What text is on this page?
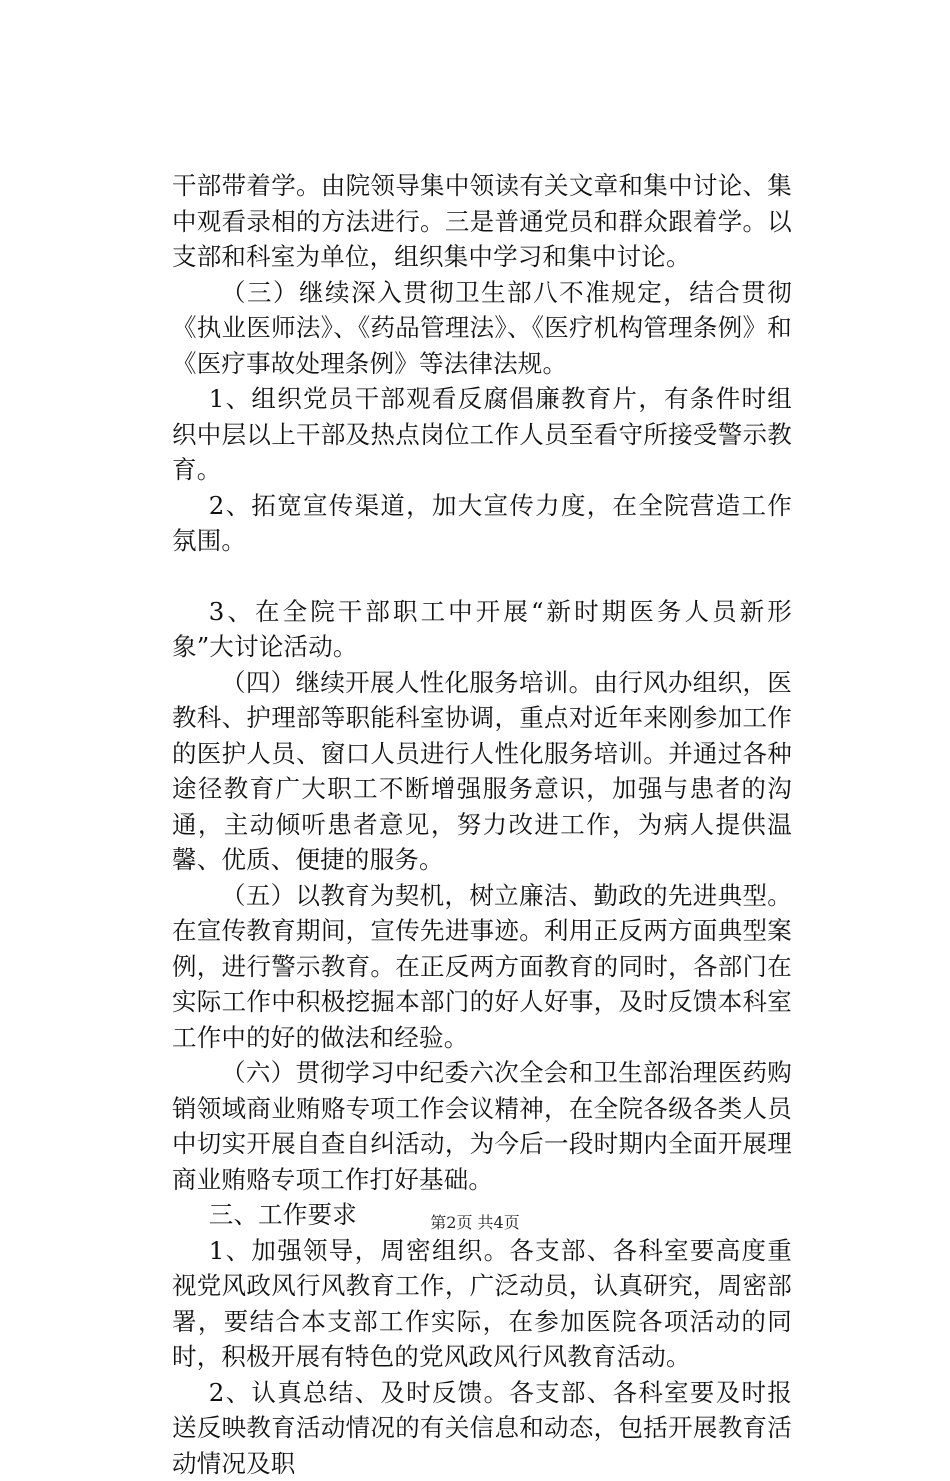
干部带着学。由院领导集中领读有关文章和集中讨论、集中观看录相的方法进行。三是普通党员和群众跟着学。以支部和科室为单位，组织集中学习和集中讨论。

（三）继续深入贯彻卫生部八不准规定，结合贯彻《执业医师法》、《药品管理法》、《医疗机构管理条例》和《医疗事故处理条例》等法律法规。

1、组织党员干部观看反腐倡廉教育片，有条件时组织中层以上干部及热点岗位工作人员至看守所接受警示教育。

2、拓宽宣传渠道，加大宣传力度，在全院营造工作氛围。

3、在全院干部职工中开展“新时期医务人员新形象”大讨论活动。

（四）继续开展人性化服务培训。由行风办组织，医教科、护理部等职能科室协调，重点对近年来刚参加工作的医护人员、窗口人员进行人性化服务培训。并通过各种途径教育广大职工不断增强服务意识，加强与患者的沟通，主动倾听患者意见，努力改进工作，为病人提供温馨、优质、便捷的服务。

（五）以教育为契机，树立廉洁、勤政的先进典型。在宣传教育期间，宣传先进事迹。利用正反两方面典型案例，进行警示教育。在正反两方面教育的同时，各部门在实际工作中积极挖掘本部门的好人好事，及时反馈本科室工作中的好的做法和经验。

（六）贯彻学习中纪委六次全会和卫生部治理医药购销领域商业贿赂专项工作会议精神，在全院各级各类人员中切实开展自查自纠活动，为今后一段时期内全面开展理商业贿赂专项工作打好基础。

三、工作要求

1、加强领导，周密组织。各支部、各科室要高度重视党风政风行风教育工作，广泛动员，认真研究，周密部署，要结合本支部工作实际，在参加医院各项活动的同时，积极开展有特色的党风政风行风教育活动。

2、认真总结、及时反馈。各支部、各科室要及时报送反映教育活动情况的有关信息和动态，包括开展教育活动情况及职

第2页 共4页
